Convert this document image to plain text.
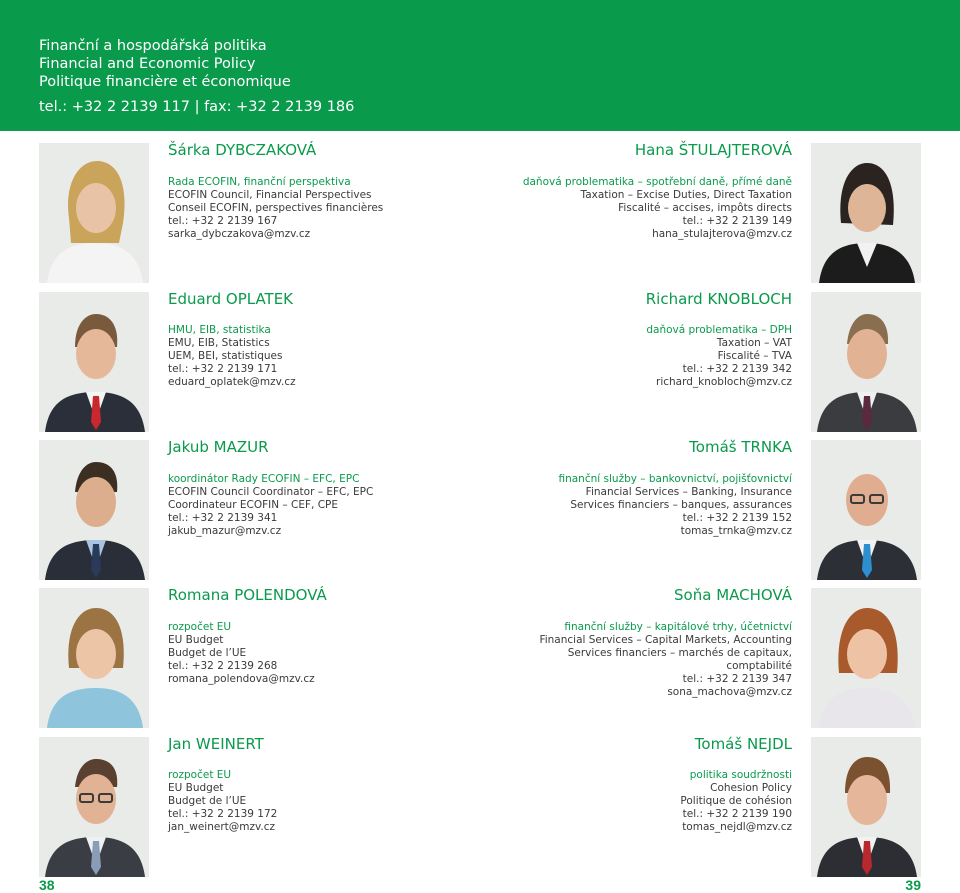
Finanční a hospodářská politika
Financial and Economic Policy
Politique financière et économique
tel.: +32 2 2139 117 | fax: +32 2 2139 186
Šárka DYBCZAKOVÁ
Rada ECOFIN, finanční perspektiva
ECOFIN Council, Financial Perspectives
Conseil ECOFIN, perspectives financières
tel.: +32 2 2139 167
sarka_dybczakova@mzv.cz
Hana ŠTULAJTEROVÁ
daňová problematika – spotřební daně, přímé daně
Taxation – Excise Duties, Direct Taxation
Fiscalité – accises, impôts directs
tel.: +32 2 2139 149
hana_stulajterova@mzv.cz
Eduard OPLATEK
HMU, EIB, statistika
EMU, EIB, Statistics
UEM, BEI, statistiques
tel.: +32 2 2139 171
eduard_oplatek@mzv.cz
Richard KNOBLOCH
daňová problematika – DPH
Taxation – VAT
Fiscalité – TVA
tel.: +32 2 2139 342
richard_knobloch@mzv.cz
Jakub MAZUR
koordinátor Rady ECOFIN – EFC, EPC
ECOFIN Council Coordinator – EFC, EPC
Coordinateur ECOFIN – CEF, CPE
tel.: +32 2 2139 341
jakub_mazur@mzv.cz
Tomáš TRNKA
finanční služby – bankovnictví, pojišťovnictví
Financial Services – Banking, Insurance
Services financiers – banques, assurances
tel.: +32 2 2139 152
tomas_trnka@mzv.cz
Romana POLENDOVÁ
rozpočet EU
EU Budget
Budget de l’UE
tel.: +32 2 2139 268
romana_polendova@mzv.cz
Soňa MACHOVÁ
finanční služby – kapitálové trhy, účetnictví
Financial Services – Capital Markets, Accounting
Services financiers – marchés de capitaux,
comptabilité
tel.: +32 2 2139 347
sona_machova@mzv.cz
Jan WEINERT
rozpočet EU
EU Budget
Budget de l’UE
tel.: +32 2 2139 172
jan_weinert@mzv.cz
Tomáš NEJDL
politika soudržnosti
Cohesion Policy
Politique de cohésion
tel.: +32 2 2139 190
tomas_nejdl@mzv.cz
38	39
